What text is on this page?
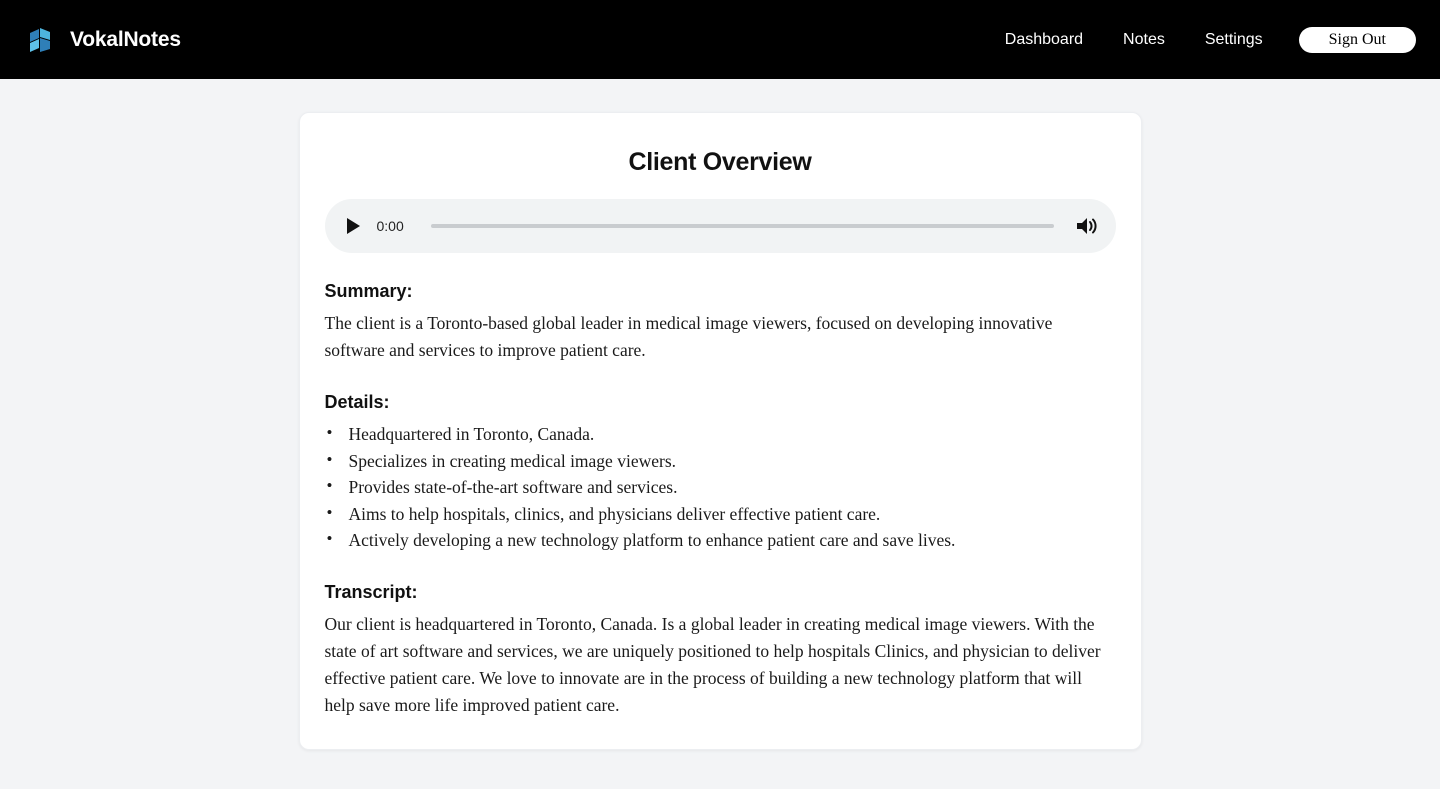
VokalNotes	Dashboard	Notes	Settings	Sign Out
Client Overview
0:00
Summary:

The client is a Toronto-based global leader in medical image viewers, focused on developing innovative software and services to improve patient care.

Details:
• Headquartered in Toronto, Canada.
• Specializes in creating medical image viewers.
• Provides state-of-the-art software and services.
• Aims to help hospitals, clinics, and physicians deliver effective patient care.
• Actively developing a new technology platform to enhance patient care and save lives.
Transcript:

Our client is headquartered in Toronto, Canada. Is a global leader in creating medical image viewers. With the state of art software and services, we are uniquely positioned to help hospitals Clinics, and physician to deliver effective patient care. We love to innovate are in the process of building a new technology platform that will help save more life improved patient care.
